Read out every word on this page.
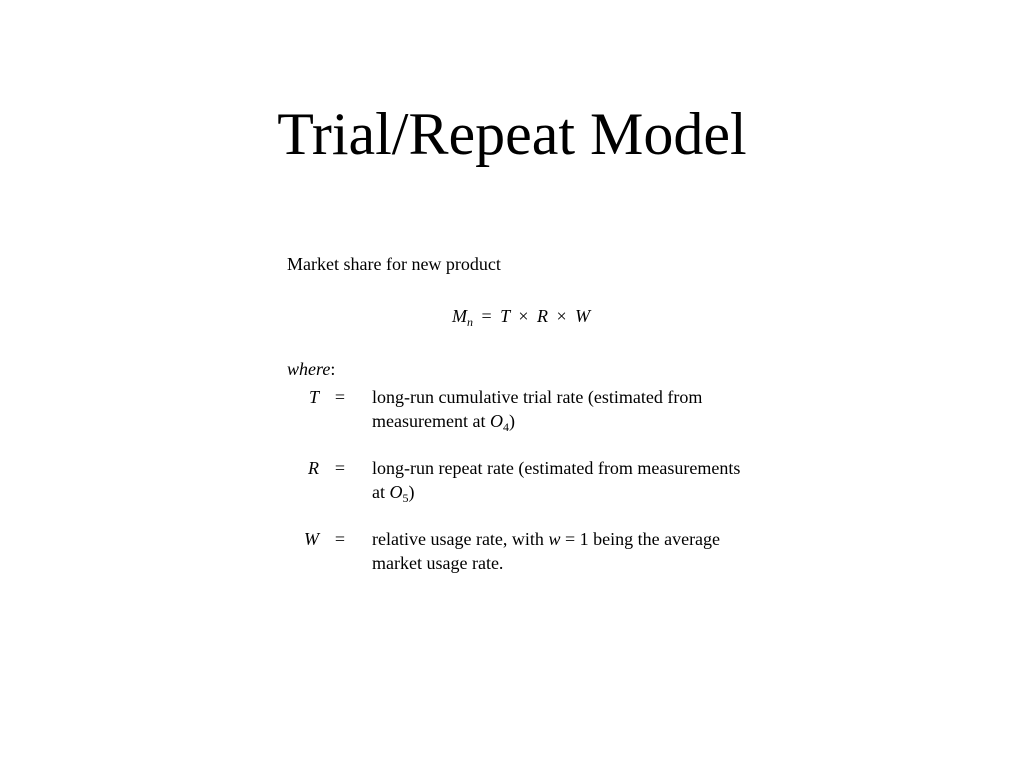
Trial/Repeat Model
Market share for new product
$M_n = T \times R \times W$
where:
T = long-run cumulative trial rate (estimated from measurement at $O_4$)
R = long-run repeat rate (estimated from measurements at $O_5$)
W = relative usage rate, with w = 1 being the average market usage rate.
